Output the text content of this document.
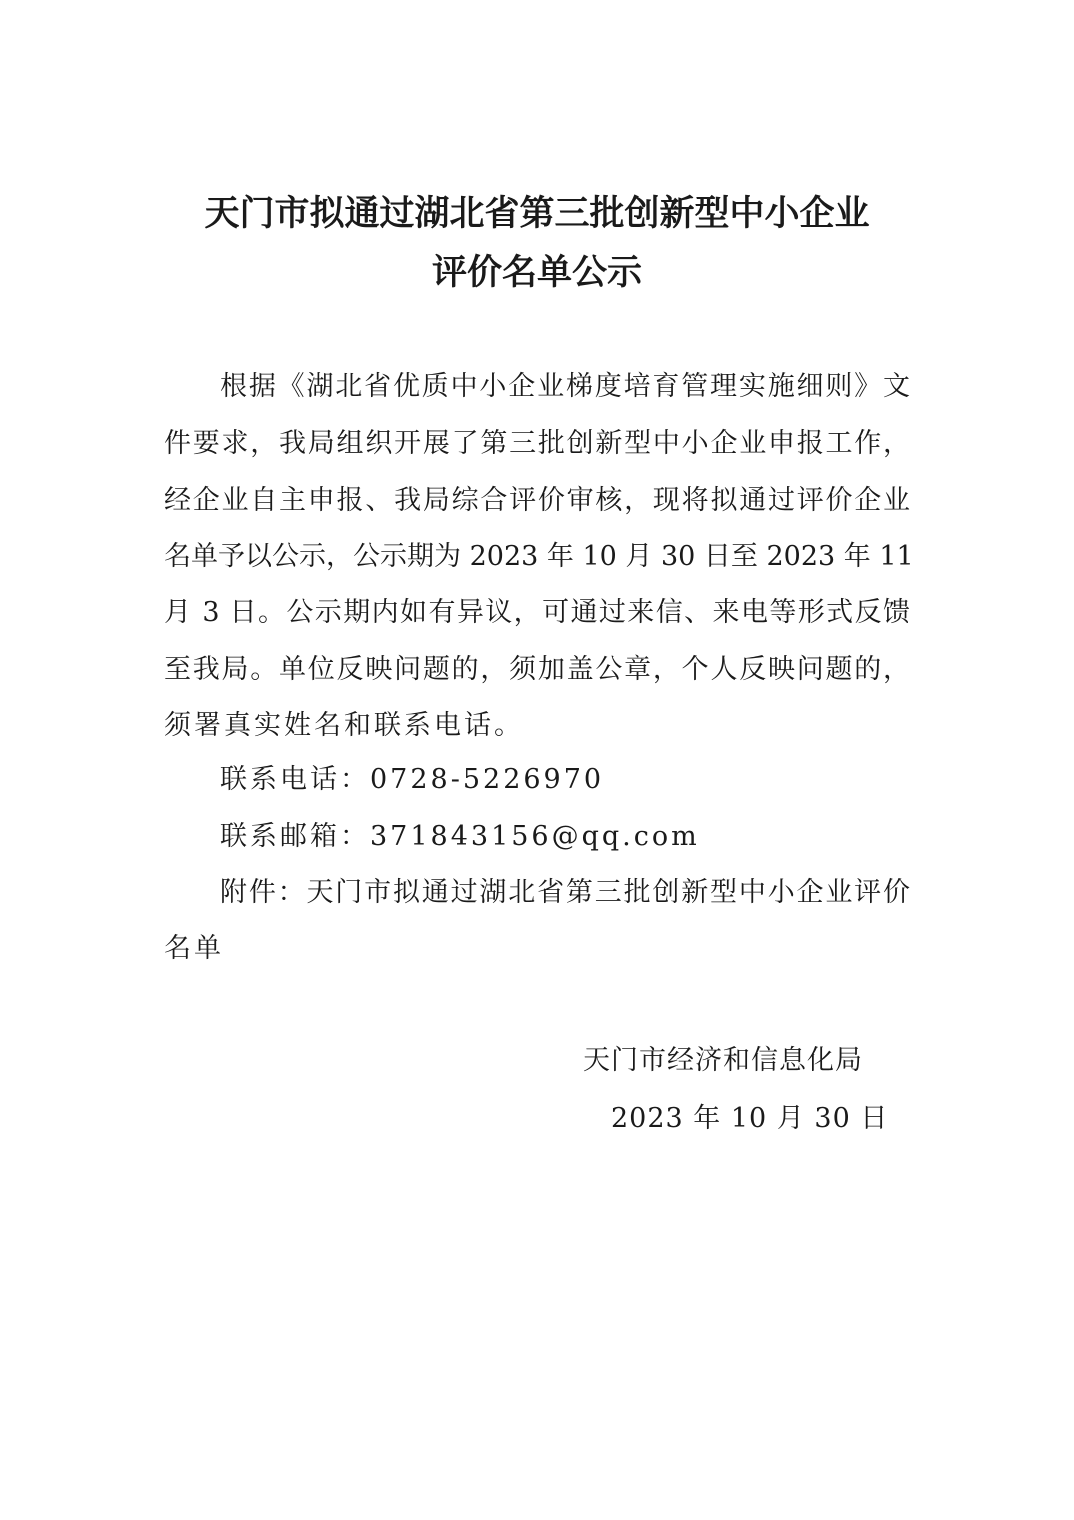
天门市拟通过湖北省第三批创新型中小企业
评价名单公示
根据《湖北省优质中小企业梯度培育管理实施细则》文
件要求，我局组织开展了第三批创新型中小企业申报工作，
经企业自主申报、我局综合评价审核，现将拟通过评价企业
名单予以公示，公示期为 2023 年 10 月 30 日至 2023 年 11
月 3 日。公示期内如有异议，可通过来信、来电等形式反馈
至我局。单位反映问题的，须加盖公章，个人反映问题的，
须署真实姓名和联系电话。
联系电话：0728-5226970
联系邮箱：371843156@qq.com
附件：天门市拟通过湖北省第三批创新型中小企业评价
名单
天门市经济和信息化局
2023 年 10 月 30 日
